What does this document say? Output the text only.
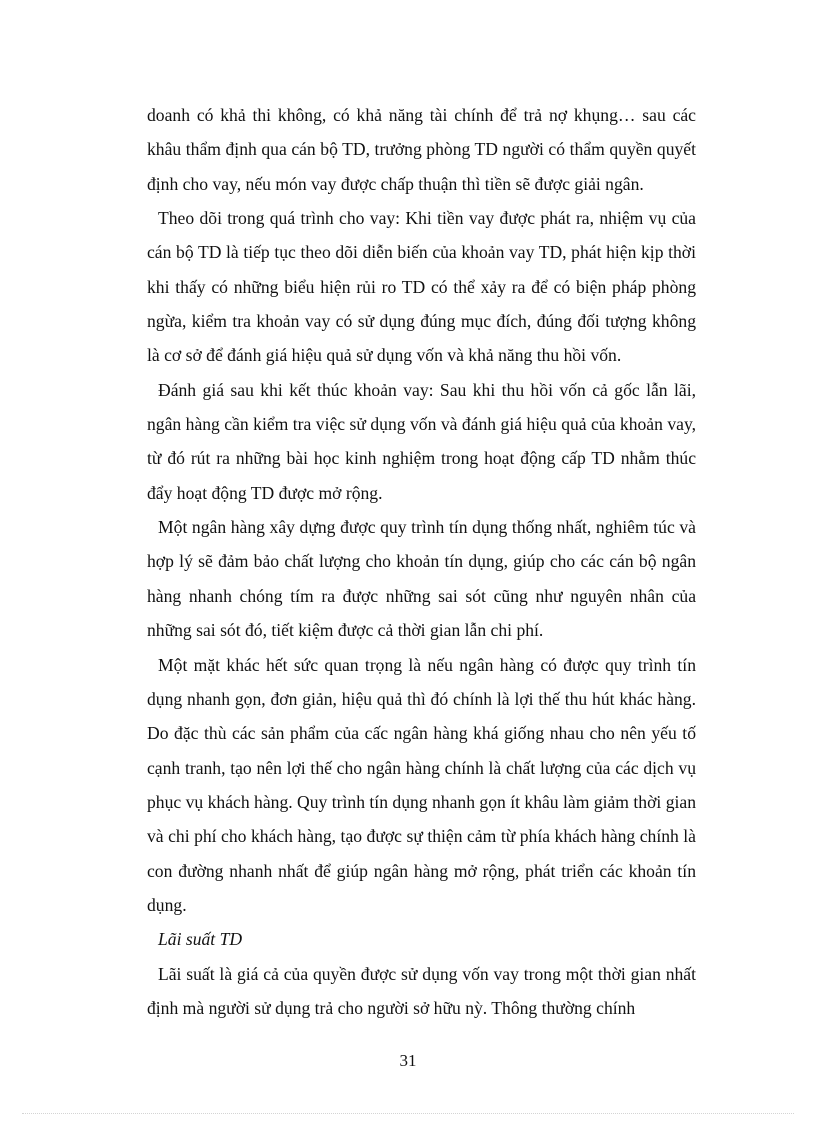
doanh có khả thi không, có khả năng tài chính để trả nợ khụng… sau các khâu thẩm định qua cán bộ TD, trưởng phòng TD người có thẩm quyền quyết định cho vay, nếu món vay được chấp thuận thì tiền sẽ được giải ngân.

Theo dõi trong quá trình cho vay: Khi tiền vay được phát ra, nhiệm vụ của cán bộ TD là tiếp tục theo dõi diễn biến của khoản vay TD, phát hiện kịp thời khi thấy có những biểu hiện rủi ro TD có thể xảy ra để có biện pháp phòng ngừa, kiểm tra khoản vay có sử dụng đúng mục đích, đúng đối tượng không là cơ sở để đánh giá hiệu quả sử dụng vốn và khả năng thu hồi vốn.

Đánh giá sau khi kết thúc khoản vay: Sau khi thu hồi vốn cả gốc lẫn lãi, ngân hàng cần kiểm tra việc sử dụng vốn và đánh giá hiệu quả của khoản vay, từ đó rút ra những bài học kinh nghiệm trong hoạt động cấp TD nhằm thúc đẩy hoạt động TD được mở rộng.

Một ngân hàng xây dựng được quy trình tín dụng thống nhất, nghiêm túc và hợp lý sẽ đảm bảo chất lượng cho khoản tín dụng, giúp cho các cán bộ ngân hàng nhanh chóng tím ra được những sai sót cũng như nguyên nhân của những sai sót đó, tiết kiệm được cả thời gian lẫn chi phí.

Một mặt khác hết sức quan trọng là nếu ngân hàng có được quy trình tín dụng nhanh gọn, đơn giản, hiệu quả thì đó chính là lợi thế thu hút khác hàng. Do đặc thù các sản phẩm của cấc ngân hàng khá giống nhau cho nên yếu tố cạnh tranh, tạo nên lợi thế cho ngân hàng chính là chất lượng của các dịch vụ phục vụ khách hàng. Quy trình tín dụng nhanh gọn ít khâu làm giảm thời gian và chi phí cho khách hàng, tạo được sự thiện cảm từ phía khách hàng chính là con đường nhanh nhất để giúp ngân hàng mở rộng, phát triển các khoản tín dụng.

Lãi suất TD

Lãi suất là giá cả của quyền được sử dụng vốn vay trong một thời gian nhất định mà người sử dụng trả cho người sở hữu nỳ. Thông thường chính

31
